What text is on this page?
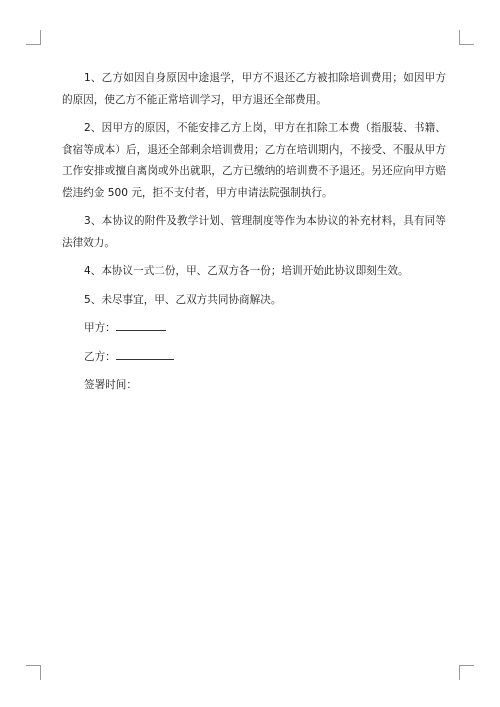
1、乙方如因自身原因中途退学，甲方不退还乙方被扣除培训费用；如因甲方的原因，使乙方不能正常培训学习，甲方退还全部费用。

2、因甲方的原因，不能安排乙方上岗，甲方在扣除工本费（指服装、书籍、食宿等成本）后，退还全部剩余培训费用；乙方在培训期内，不接受、不服从甲方工作安排或擅自离岗或外出就职，乙方已缴纳的培训费不予退还。另还应向甲方赔偿违约金 500 元，拒不支付者，甲方申请法院强制执行。

3、本协议的附件及教学计划、管理制度等作为本协议的补充材料，具有同等法律效力。

4、本协议一式二份，甲、乙双方各一份；培训开始此协议即刻生效。

5、未尽事宜，甲、乙双方共同协商解决。

甲方：
乙方：
签署时间：
